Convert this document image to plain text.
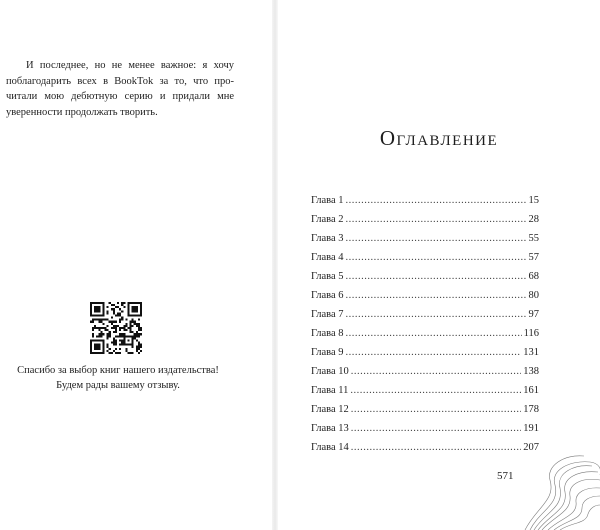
И последнее, но не менее важное: я хочу поблагодарить всех в BookTok за то, что про- читали мою дебютную серию и придали мне уверенности продолжать творить.
Спасибо за выбор книг нашего издательства!
Будем рады вашему отзыву.
Оглавление
Глава 1 .....	15
Глава 2 .....	28
Глава 3 .....	55
Глава 4 .....	57
Глава 5 .....	68
Глава 6 .....	80
Глава 7 .....	97
Глава 8 .....	116
Глава 9 .....	131
Глава 10 .....	138
Глава 11 .....	161
Глава 12 .....	178
Глава 13 .....	191
Глава 14 .....	207
571
